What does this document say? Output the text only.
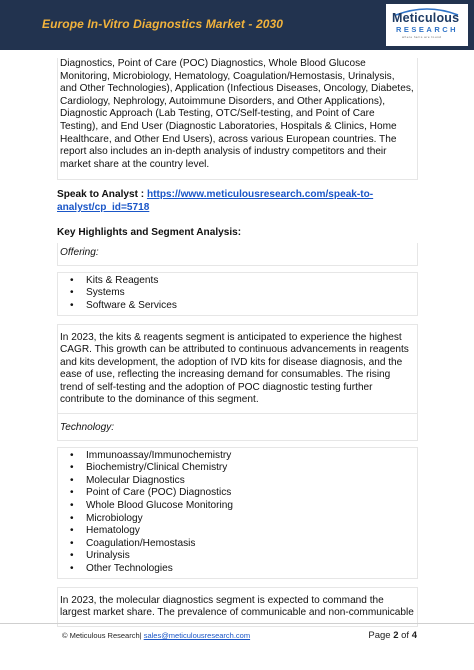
Europe In-Vitro Diagnostics Market - 2030	Meticulous
RESEARCH
where facts are found
Diagnostics, Point of Care (POC) Diagnostics, Whole Blood Glucose Monitoring, Microbiology, Hematology, Coagulation/Hemostasis, Urinalysis, and Other Technologies), Application (Infectious Diseases, Oncology, Diabetes, Cardiology, Nephrology, Autoimmune Disorders, and Other Applications), Diagnostic Approach (Lab Testing, OTC/Self-testing, and Point of Care Testing), and End User (Diagnostic Laboratories, Hospitals & Clinics, Home Healthcare, and Other End Users), across various European countries. The report also includes an in-depth analysis of industry competitors and their market share at the country level.
Speak to Analyst : https://www.meticulousresearch.com/speak-to-analyst/cp_id=5718
Key Highlights and Segment Analysis:
Offering:
• Kits & Reagents
• Systems
• Software & Services
In 2023, the kits & reagents segment is anticipated to experience the highest CAGR. This growth can be attributed to continuous advancements in reagents and kits development, the adoption of IVD kits for disease diagnosis, and the ease of use, reflecting the increasing demand for consumables. The rising trend of self-testing and the adoption of POC diagnostic testing further contribute to the dominance of this segment.
Technology:
• Immunoassay/Immunochemistry
• Biochemistry/Clinical Chemistry
• Molecular Diagnostics
• Point of Care (POC) Diagnostics
• Whole Blood Glucose Monitoring
• Microbiology
• Hematology
• Coagulation/Hemostasis
• Urinalysis
• Other Technologies
In 2023, the molecular diagnostics segment is expected to command the largest market share. The prevalence of communicable and non-communicable
© Meticulous Research| sales@meticulousresearch.com	Page 2 of 4
